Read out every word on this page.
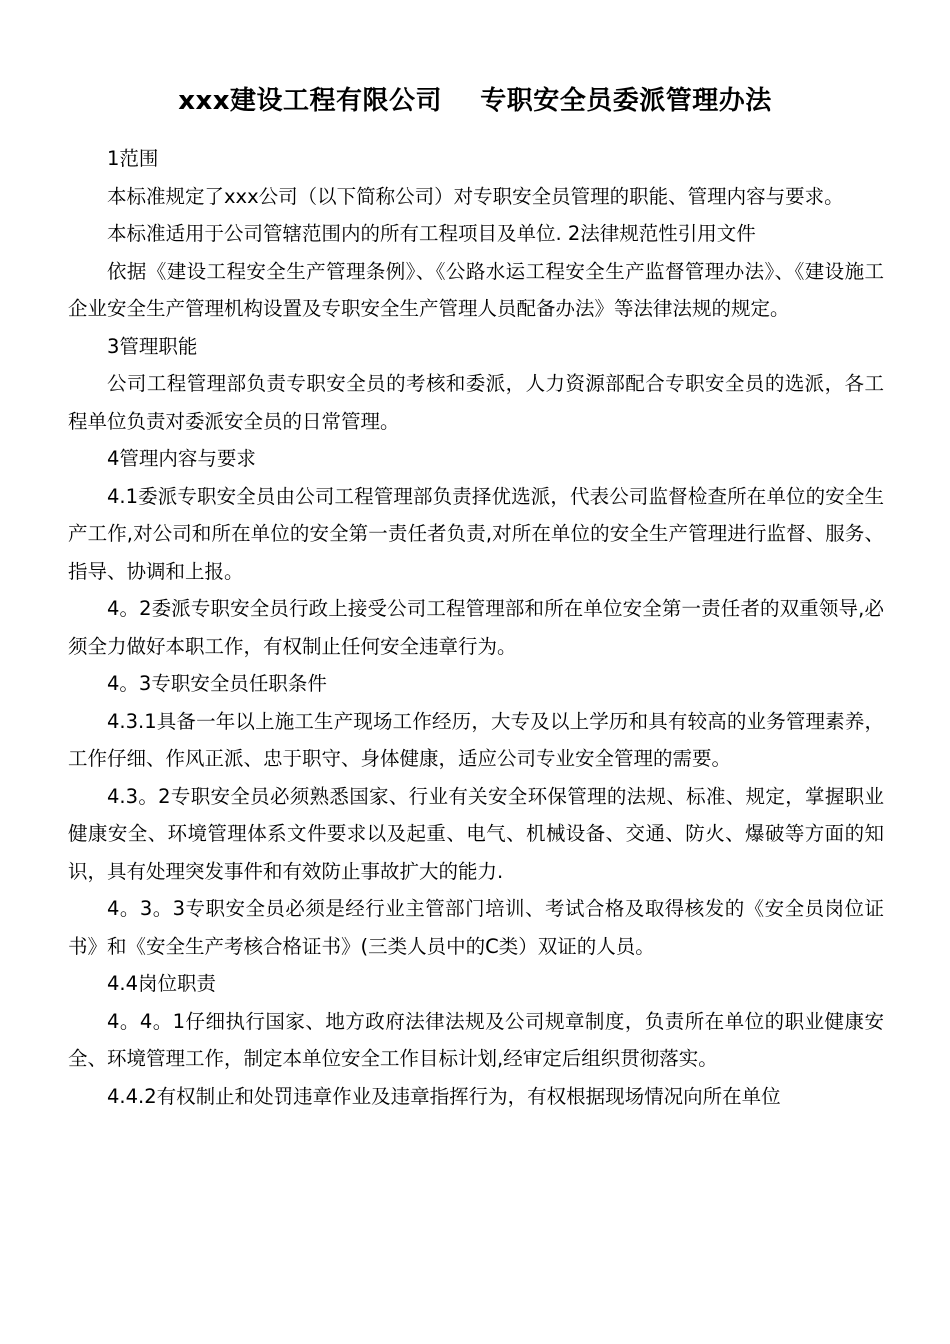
xxx建设工程有限公司    专职安全员委派管理办法

1范围

本标准规定了xxx公司（以下简称公司）对专职安全员管理的职能、管理内容与要求。

本标准适用于公司管辖范围内的所有工程项目及单位. 2法律规范性引用文件

依据《建设工程安全生产管理条例》、《公路水运工程安全生产监督管理办法》、《建设施工企业安全生产管理机构设置及专职安全生产管理人员配备办法》等法律法规的规定。

3管理职能

公司工程管理部负责专职安全员的考核和委派，人力资源部配合专职安全员的选派，各工程单位负责对委派安全员的日常管理。

4管理内容与要求

4.1委派专职安全员由公司工程管理部负责择优选派，代表公司监督检查所在单位的安全生产工作,对公司和所在单位的安全第一责任者负责,对所在单位的安全生产管理进行监督、服务、指导、协调和上报。

4。2委派专职安全员行政上接受公司工程管理部和所在单位安全第一责任者的双重领导,必须全力做好本职工作，有权制止任何安全违章行为。

4。3专职安全员任职条件

4.3.1具备一年以上施工生产现场工作经历，大专及以上学历和具有较高的业务管理素养，工作仔细、作风正派、忠于职守、身体健康，适应公司专业安全管理的需要。

4.3。2专职安全员必须熟悉国家、行业有关安全环保管理的法规、标准、规定，掌握职业健康安全、环境管理体系文件要求以及起重、电气、机械设备、交通、防火、爆破等方面的知识，具有处理突发事件和有效防止事故扩大的能力.

4。3。3专职安全员必须是经行业主管部门培训、考试合格及取得核发的《安全员岗位证书》和《安全生产考核合格证书》(三类人员中的C类）双证的人员。

4.4岗位职责

4。4。1仔细执行国家、地方政府法律法规及公司规章制度，负责所在单位的职业健康安全、环境管理工作，制定本单位安全工作目标计划,经审定后组织贯彻落实。

4.4.2有权制止和处罚违章作业及违章指挥行为，有权根据现场情况向所在单位
